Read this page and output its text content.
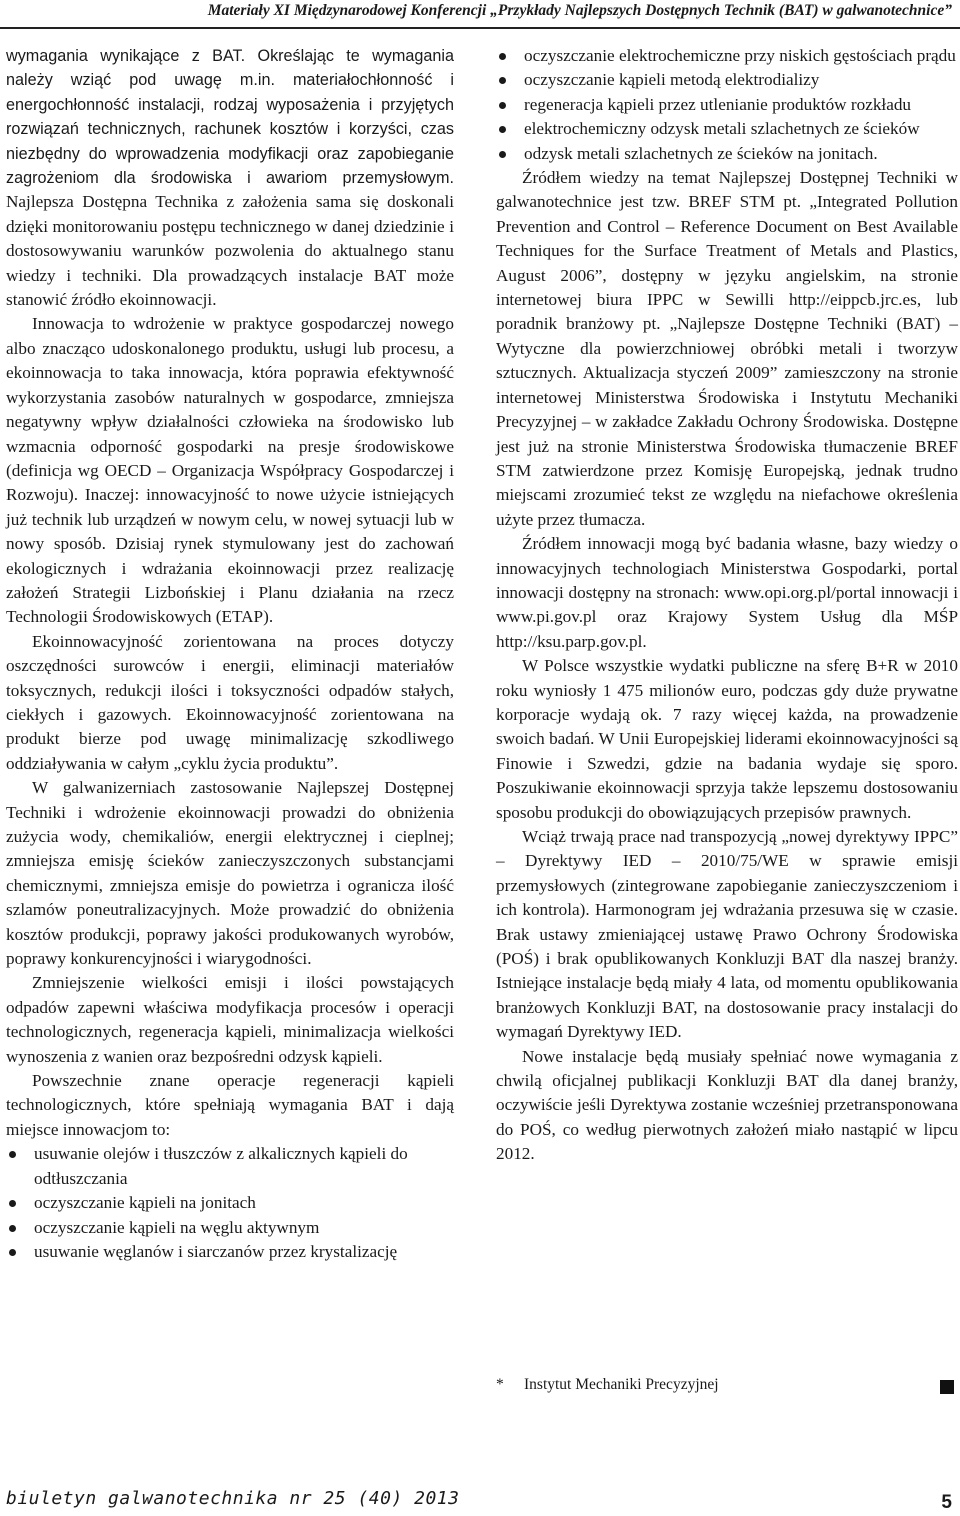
Materiały XI Międzynarodowej Konferencji „Przykłady Najlepszych Dostępnych Technik (BAT) w galwanotechnice”

wymagania wynikające z BAT. Określając te wymagania należy wziąć pod uwagę m.in. materiałochłonność i energochłonność instalacji, rodzaj wyposażenia i przyjętych rozwiązań technicznych, rachunek kosztów i korzyści, czas niezbędny do wprowadzenia modyfikacji oraz zapobieganie zagrożeniom dla środowiska i awariom przemysłowym. Najlepsza Dostępna Technika z założenia sama się doskonali dzięki monitorowaniu postępu technicznego w danej dziedzinie i dostosowywaniu warunków pozwolenia do aktualnego stanu wiedzy i techniki. Dla prowadzących instalacje BAT może stanowić źródło ekoinnowacji.

Innowacja to wdrożenie w praktyce gospodarczej nowego albo znacząco udoskonalonego produktu, usługi lub procesu, a ekoinnowacja to taka innowacja, która poprawia efektywność wykorzystania zasobów naturalnych w gospodarce, zmniejsza negatywny wpływ działalności człowieka na środowisko lub wzmacnia odporność gospodarki na presje środowiskowe (definicja wg OECD – Organizacja Współpracy Gospodarczej i Rozwoju). Inaczej: innowacyjność to nowe użycie istniejących już technik lub urządzeń w nowym celu, w nowej sytuacji lub w nowy sposób. Dzisiaj rynek stymulowany jest do zachowań ekologicznych i wdrażania ekoinnowacji przez realizację założeń Strategii Lizbońskiej i Planu działania na rzecz Technologii Środowiskowych (ETAP).

Ekoinnowacyjność zorientowana na proces dotyczy oszczędności surowców i energii, eliminacji materiałów toksycznych, redukcji ilości i toksyczności odpadów stałych, ciekłych i gazowych. Ekoinnowacyjność zorientowana na produkt bierze pod uwagę minimalizację szkodliwego oddziaływania w całym „cyklu życia produktu”.

W galwanizerniach zastosowanie Najlepszej Dostępnej Techniki i wdrożenie ekoinnowacji prowadzi do obniżenia zużycia wody, chemikaliów, energii elektrycznej i cieplnej; zmniejsza emisję ścieków zanieczyszczonych substancjami chemicznymi, zmniejsza emisje do powietrza i ogranicza ilość szlamów poneutralizacyjnych. Może prowadzić do obniżenia kosztów produkcji, poprawy jakości produkowanych wyrobów, poprawy konkurencyjności i wiarygodności.

Zmniejszenie wielkości emisji i ilości powstających odpadów zapewni właściwa modyfikacja procesów i operacji technologicznych, regeneracja kąpieli, minimalizacja wielkości wynoszenia z wanien oraz bezpośredni odzysk kąpieli.

Powszechnie znane operacje regeneracji kąpieli technologicznych, które spełniają wymagania BAT i dają miejsce innowacjom to:

usuwanie olejów i tłuszczów z alkalicznych kąpieli do odtłuszczania
oczyszczanie kąpieli na jonitach
oczyszczanie kąpieli na węglu aktywnym
usuwanie węglanów i siarczanów przez krystalizację
oczyszczanie elektrochemiczne przy niskich gęstościach prądu
oczyszczanie kąpieli metodą elektrodializy
regeneracja kąpieli przez utlenianie produktów rozkładu
elektrochemiczny odzysk metali szlachetnych ze ścieków
odzysk metali szlachetnych ze ścieków na jonitach.

Źródłem wiedzy na temat Najlepszej Dostępnej Techniki w galwanotechnice jest tzw. BREF STM pt. „Integrated Pollution Prevention and Control – Reference Document on Best Available Techniques for the Surface Treatment of Metals and Plastics, August 2006”, dostępny w języku angielskim, na stronie internetowej biura IPPC w Sewilli http://eippcb.jrc.es, lub poradnik branżowy pt. „Najlepsze Dostępne Techniki (BAT) – Wytyczne dla powierzchniowej obróbki metali i tworzyw sztucznych. Aktualizacja styczeń 2009” zamieszczony na stronie internetowej Ministerstwa Środowiska i Instytutu Mechaniki Precyzyjnej – w zakładce Zakładu Ochrony Środowiska. Dostępne jest już na stronie Ministerstwa Środowiska tłumaczenie BREF STM zatwierdzone przez Komisję Europejską, jednak trudno miejscami zrozumieć tekst ze względu na niefachowe określenia użyte przez tłumacza.

Źródłem innowacji mogą być badania własne, bazy wiedzy o innowacyjnych technologiach Ministerstwa Gospodarki, portal innowacji dostępny na stronach: www.opi.org.pl/portal innowacji i www.pi.gov.pl oraz Krajowy System Usług dla MŚP http://ksu.parp.gov.pl.

W Polsce wszystkie wydatki publiczne na sferę B+R w 2010 roku wyniosły 1 475 milionów euro, podczas gdy duże prywatne korporacje wydają ok. 7 razy więcej każda, na prowadzenie swoich badań. W Unii Europejskiej liderami ekoinnowacyjności są Finowie i Szwedzi, gdzie na badania wydaje się sporo. Poszukiwanie ekoinnowacji sprzyja także lepszemu dostosowaniu sposobu produkcji do obowiązujących przepisów prawnych.

Wciąż trwają prace nad transpozycją „nowej dyrektywy IPPC” – Dyrektywy IED – 2010/75/WE w sprawie emisji przemysłowych (zintegrowane zapobieganie zanieczyszczeniom i ich kontrola). Harmonogram jej wdrażania przesuwa się w czasie. Brak ustawy zmieniającej ustawę Prawo Ochrony Środowiska (POŚ) i brak opublikowanych Konkluzji BAT dla naszej branży. Istniejące instalacje będą miały 4 lata, od momentu opublikowania branżowych Konkluzji BAT, na dostosowanie pracy instalacji do wymagań Dyrektywy IED.

Nowe instalacje będą musiały spełniać nowe wymagania z chwilą oficjalnej publikacji Konkluzji BAT dla danej branży, oczywiście jeśli Dyrektywa zostanie wcześniej przetransponowana do POŚ, co według pierwotnych założeń miało nastąpić w lipcu 2012.

* Instytut Mechaniki Precyzyjnej
biuletyn galwanotechnika nr 25 (40) 2013	5
